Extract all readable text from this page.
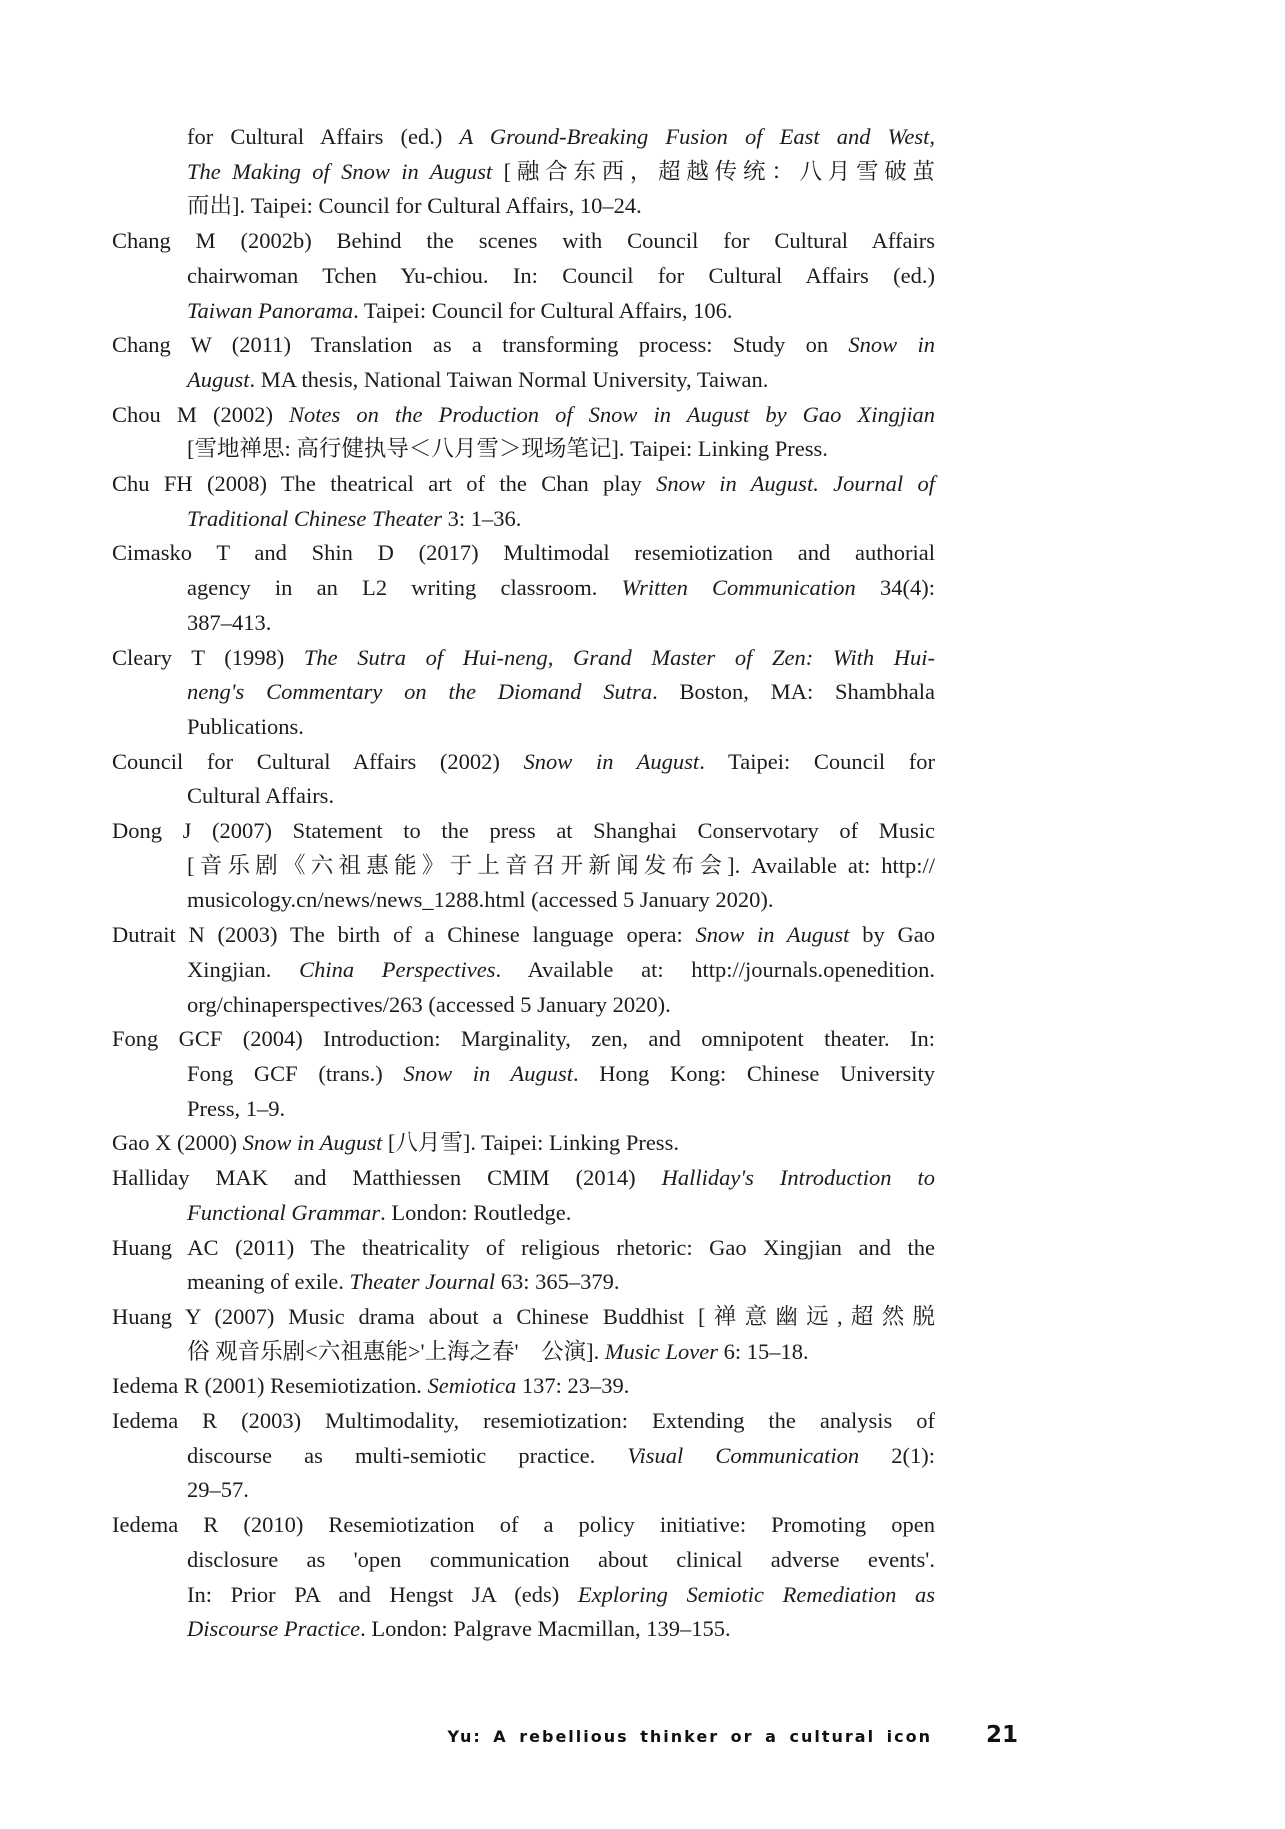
for Cultural Affairs (ed.) A Ground-Breaking Fusion of East and West,
The Making of Snow in August [融合东西，超越传统：八月雪破茧
而出]. Taipei: Council for Cultural Affairs, 10–24.

Chang M (2002b) Behind the scenes with Council for Cultural Affairs
chairwoman Tchen Yu-chiou. In: Council for Cultural Affairs (ed.)
Taiwan Panorama. Taipei: Council for Cultural Affairs, 106.

Chang W (2011) Translation as a transforming process: Study on Snow in
August. MA thesis, National Taiwan Normal University, Taiwan.

Chou M (2002) Notes on the Production of Snow in August by Gao Xingjian
[雪地禅思: 高行健执导＜八月雪＞现场笔记]. Taipei: Linking Press.

Chu FH (2008) The theatrical art of the Chan play Snow in August. Journal of
Traditional Chinese Theater 3: 1–36.

Cimasko T and Shin D (2017) Multimodal resemiotization and authorial
agency in an L2 writing classroom. Written Communication 34(4):
387–413.

Cleary T (1998) The Sutra of Hui-neng, Grand Master of Zen: With Hui-
neng's Commentary on the Diomand Sutra. Boston, MA: Shambhala
Publications.

Council for Cultural Affairs (2002) Snow in August. Taipei: Council for
Cultural Affairs.

Dong J (2007) Statement to the press at Shanghai Conservotary of Music
[音乐剧《六祖惠能》于上音召开新闻发布会]. Available at: http://
musicology.cn/news/news_1288.html (accessed 5 January 2020).

Dutrait N (2003) The birth of a Chinese language opera: Snow in August by Gao
Xingjian. China Perspectives. Available at: http://journals.openedition.
org/chinaperspectives/263 (accessed 5 January 2020).

Fong GCF (2004) Introduction: Marginality, zen, and omnipotent theater. In:
Fong GCF (trans.) Snow in August. Hong Kong: Chinese University
Press, 1–9.

Gao X (2000) Snow in August [八月雪]. Taipei: Linking Press.

Halliday MAK and Matthiessen CMIM (2014) Halliday's Introduction to
Functional Grammar. London: Routledge.

Huang AC (2011) The theatricality of religious rhetoric: Gao Xingjian and the
meaning of exile. Theater Journal 63: 365–379.

Huang Y (2007) Music drama about a Chinese Buddhist [禅意幽远,超然脱
俗 观音乐剧<六祖惠能>'上海之春'　公演]. Music Lover 6: 15–18.

Iedema R (2001) Resemiotization. Semiotica 137: 23–39.

Iedema R (2003) Multimodality, resemiotization: Extending the analysis of
discourse as multi-semiotic practice. Visual Communication 2(1):
29–57.

Iedema R (2010) Resemiotization of a policy initiative: Promoting open
disclosure as 'open communication about clinical adverse events'.
In: Prior PA and Hengst JA (eds) Exploring Semiotic Remediation as
Discourse Practice. London: Palgrave Macmillan, 139–155.

Yu: A rebellious thinker or a cultural icon 21
